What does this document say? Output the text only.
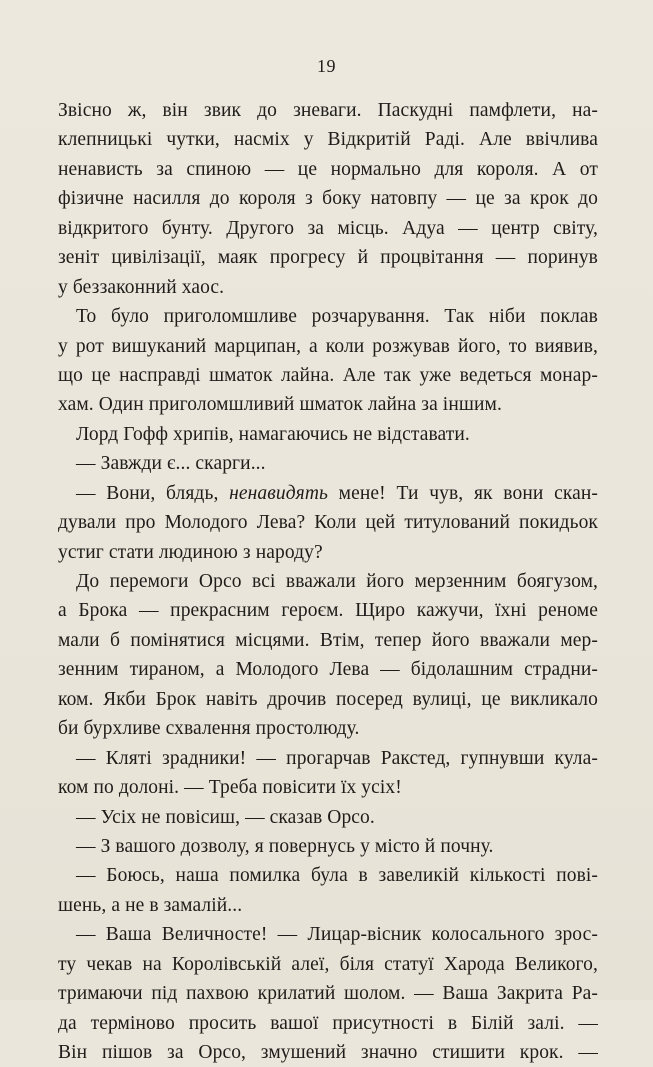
19
Звісно ж, він звик до зневаги. Паскудні памфлети, на-
клепницькі чутки, насміх у Відкритій Раді. Але ввічлива
ненависть за спиною — це нормально для короля. А от
фізичне насилля до короля з боку натовпу — це за крок до
відкритого бунту. Другого за місць. Адуа — центр світу,
зеніт цивілізації, маяк прогресу й процвітання — поринув
у беззаконний хаос.
То було приголомшливе розчарування. Так ніби поклав
у рот вишуканий марципан, а коли розжував його, то виявив,
що це насправді шматок лайна. Але так уже ведеться монар-
хам. Один приголомшливий шматок лайна за іншим.
Лорд Гофф хрипів, намагаючись не відставати.
— Завжди є... скарги...
— Вони, блядь, ненавидять мене! Ти чув, як вони скан-
дували про Молодого Лева? Коли цей титулований покидьок
устиг стати людиною з народу?
До перемоги Орсо всі вважали його мерзенним боягузом,
а Брока — прекрасним героєм. Щиро кажучи, їхні реноме
мали б помінятися місцями. Втім, тепер його вважали мер-
зенним тираном, а Молодого Лева — бідолашним страдни-
ком. Якби Брок навіть дрочив посеред вулиці, це викликало
би бурхливе схвалення простолюду.
— Кляті зрадники! — прогарчав Ракстед, гупнувши кула-
ком по долоні. — Треба повісити їх усіх!
— Усіх не повісиш, — сказав Орсо.
— З вашого дозволу, я повернусь у місто й почну.
— Боюсь, наша помилка була в завеликій кількості пові-
шень, а не в замалій...
— Ваша Величносте! — Лицар-вісник колосального зрос-
ту чекав на Королівській алеї, біля статуї Харода Великого,
тримаючи під пахвою крилатий шолом. — Ваша Закрита Ра-
да терміново просить вашої присутності в Білій залі. —
Він пішов за Орсо, змушений значно стишити крок. —
